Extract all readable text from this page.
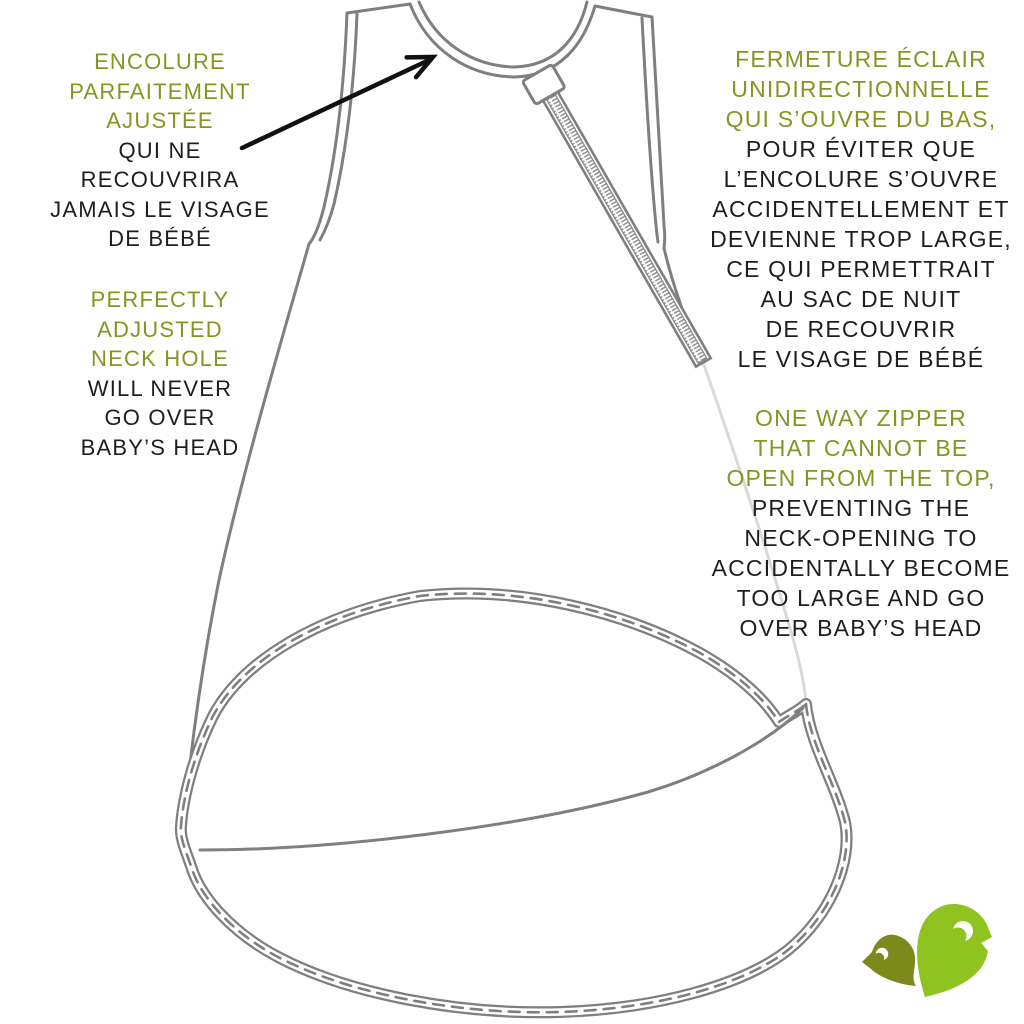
ENCOLURE
PARFAITEMENT
AJUSTÉE
QUI NE
RECOUVRIRA
JAMAIS LE VISAGE
DE BÉBÉ
PERFECTLY
ADJUSTED
NECK HOLE
WILL NEVER
GO OVER
BABY’S HEAD
FERMETURE ÉCLAIR
UNIDIRECTIONNELLE
QUI S’OUVRE DU BAS,
POUR ÉVITER QUE
L’ENCOLURE S’OUVRE
ACCIDENTELLEMENT ET
DEVIENNE TROP LARGE,
CE QUI PERMETTRAIT
AU SAC DE NUIT
DE RECOUVRIR
LE VISAGE DE BÉBÉ
ONE WAY ZIPPER
THAT CANNOT BE
OPEN FROM THE TOP,
PREVENTING THE
NECK-OPENING TO
ACCIDENTALLY BECOME
TOO LARGE AND GO
OVER BABY’S HEAD
